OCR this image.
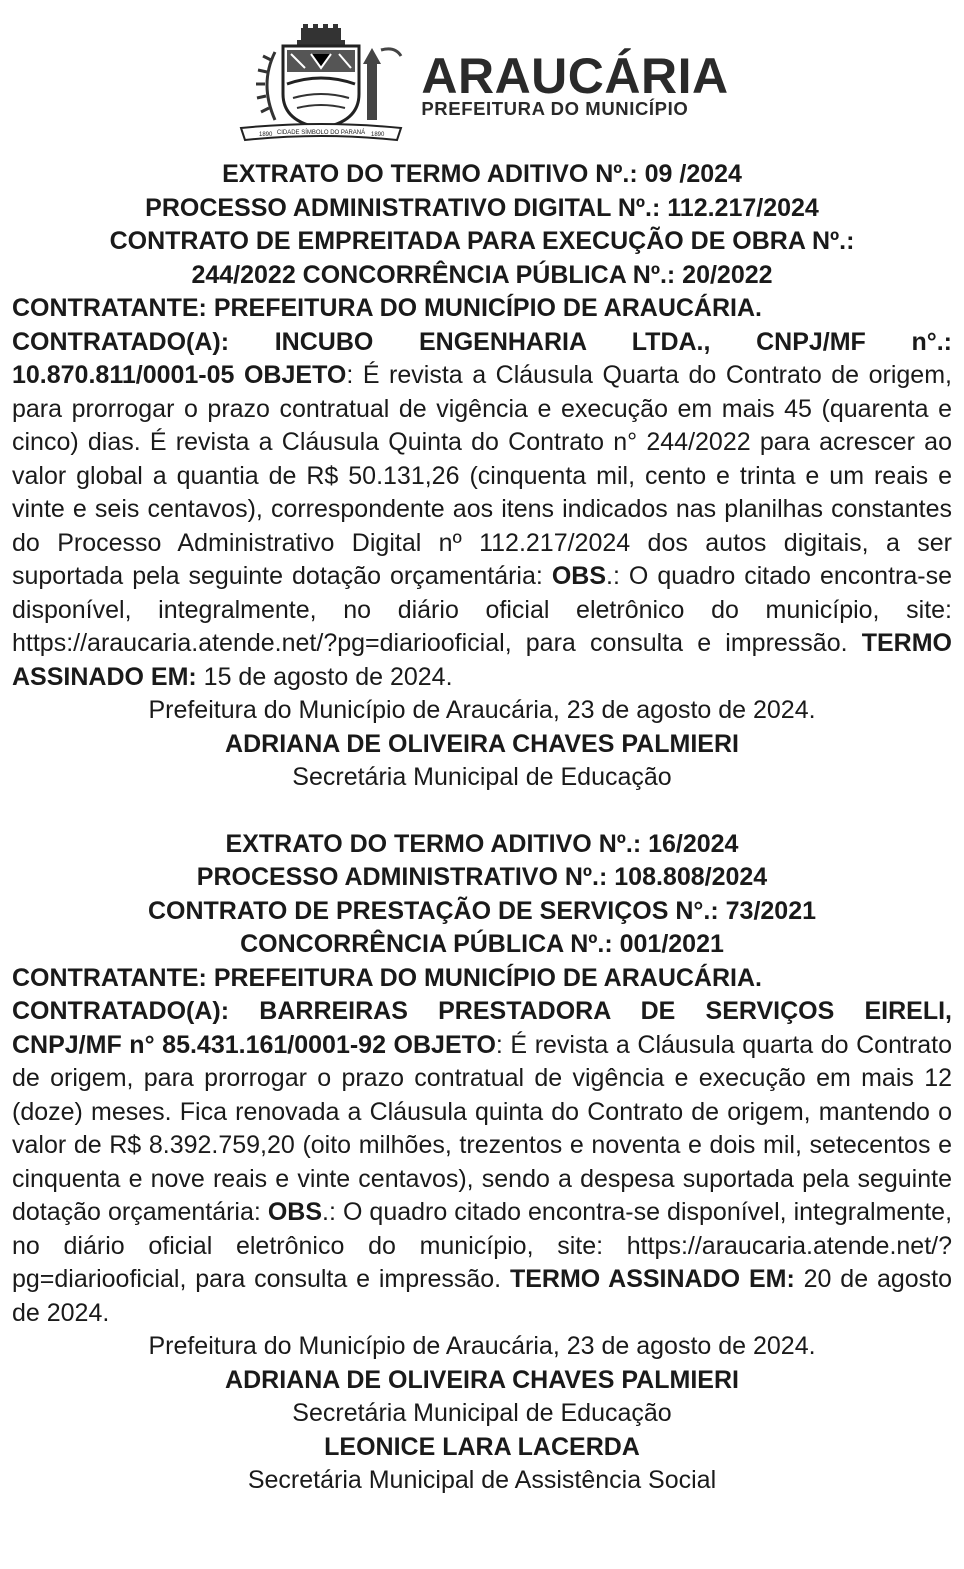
1890 CIDADE SÍMBOLO DO PARANÁ 1890
ARAUCÁRIA
PREFEITURA DO MUNICÍPIO
EXTRATO DO TERMO ADITIVO Nº.: 09 /2024
PROCESSO ADMINISTRATIVO DIGITAL Nº.: 112.217/2024
CONTRATO DE EMPREITADA PARA EXECUÇÃO DE OBRA Nº.:
244/2022 CONCORRÊNCIA PÚBLICA Nº.: 20/2022
CONTRATANTE: PREFEITURA DO MUNICÍPIO DE ARAUCÁRIA.
CONTRATADO(A): INCUBO ENGENHARIA LTDA., CNPJ/MF n°.: 10.870.811/0001-05 OBJETO: É revista a Cláusula Quarta do Contrato de origem, para prorrogar o prazo contratual de vigência e execução em mais 45 (quarenta e cinco) dias. É revista a Cláusula Quinta do Contrato n° 244/2022 para acrescer ao valor global a quantia de R$ 50.131,26 (cinquenta mil, cento e trinta e um reais e vinte e seis centavos), correspondente aos itens indicados nas planilhas constantes do Processo Administrativo Digital nº 112.217/2024 dos autos digitais, a ser suportada pela seguinte dotação orçamentária: OBS.: O quadro citado encontra-se disponível, integralmente, no diário oficial eletrônico do município, site: https://araucaria.atende.net/?pg=diariooficial, para consulta e impressão. TERMO ASSINADO EM: 15 de agosto de 2024.
Prefeitura do Município de Araucária, 23 de agosto de 2024.
ADRIANA DE OLIVEIRA CHAVES PALMIERI
Secretária Municipal de Educação
EXTRATO DO TERMO ADITIVO Nº.: 16/2024
PROCESSO ADMINISTRATIVO Nº.: 108.808/2024
CONTRATO DE PRESTAÇÃO DE SERVIÇOS N°.: 73/2021
CONCORRÊNCIA PÚBLICA Nº.: 001/2021
CONTRATANTE: PREFEITURA DO MUNICÍPIO DE ARAUCÁRIA.
CONTRATADO(A): BARREIRAS PRESTADORA DE SERVIÇOS EIRELI, CNPJ/MF n° 85.431.161/0001-92 OBJETO: É revista a Cláusula quarta do Contrato de origem, para prorrogar o prazo contratual de vigência e execução em mais 12 (doze) meses. Fica renovada a Cláusula quinta do Contrato de origem, mantendo o valor de R$ 8.392.759,20 (oito milhões, trezentos e noventa e dois mil, setecentos e cinquenta e nove reais e vinte centavos), sendo a despesa suportada pela seguinte dotação orçamentária: OBS.: O quadro citado encontra-se disponível, integralmente, no diário oficial eletrônico do município, site: https://araucaria.atende.net/?pg=diariooficial, para consulta e impressão. TERMO ASSINADO EM: 20 de agosto de 2024.
Prefeitura do Município de Araucária, 23 de agosto de 2024.
ADRIANA DE OLIVEIRA CHAVES PALMIERI
Secretária Municipal de Educação
LEONICE LARA LACERDA
Secretária Municipal de Assistência Social
